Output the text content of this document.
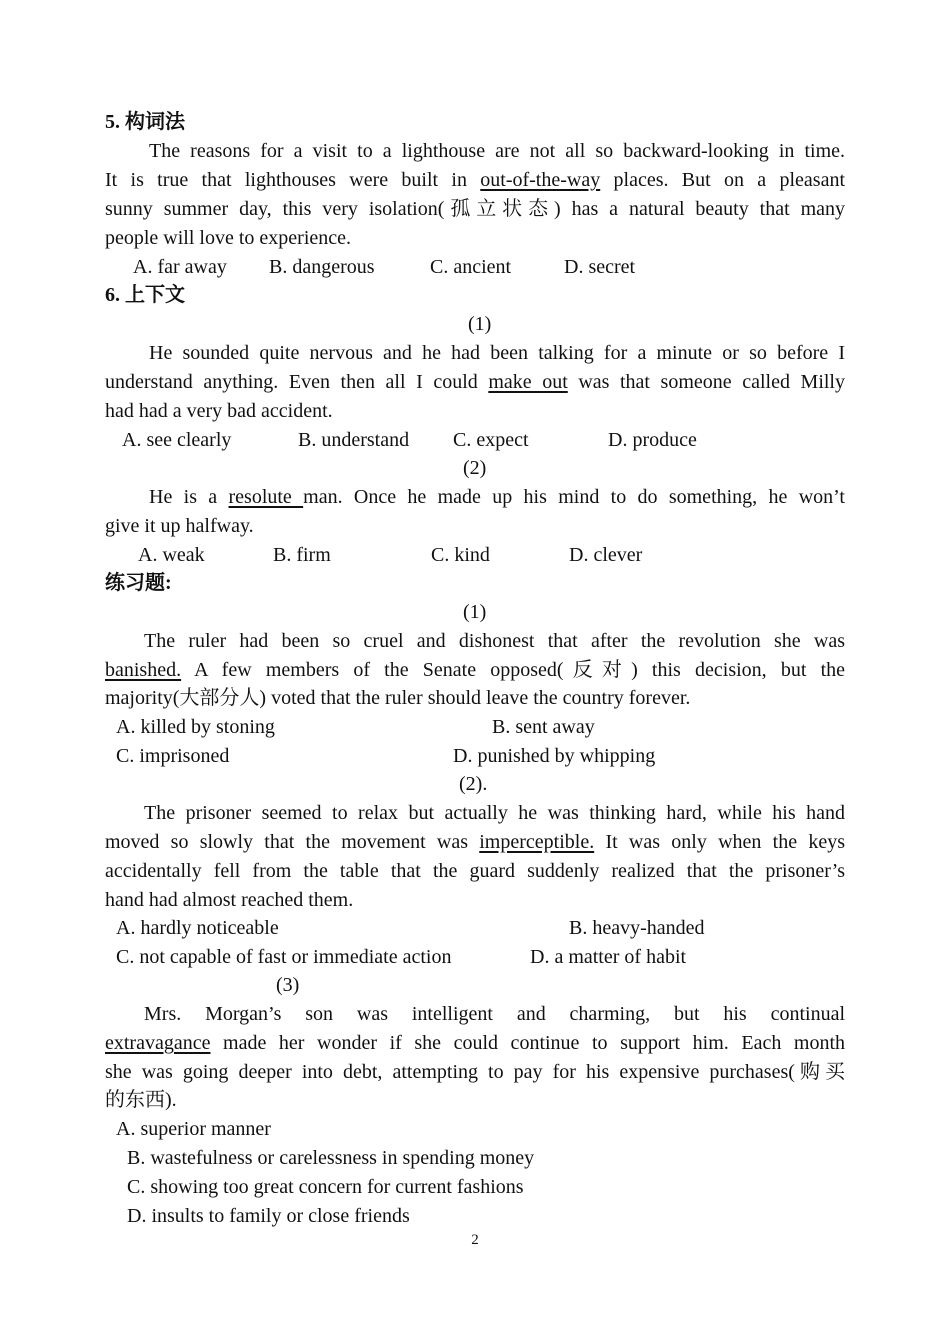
5. 构词法
The reasons for a visit to a lighthouse are not all so backward-looking in time.
It is true that lighthouses were built in out-of-the-way places. But on a pleasant
sunny summer day, this very isolation(孤立状态) has a natural beauty that many
people will love to experience.
A. far away B. dangerous	C. ancient	D. secret
6. 上下文
(1)
He sounded quite nervous and he had been talking for a minute or so before I
understand anything. Even then all I could make out was that someone called Milly
had had a very bad accident.
A. see clearly	B. understand C. expect	D. produce
(2)
He is a resolute man. Once he made up his mind to do something, he won’t
give it up halfway.
A. weak	B. firm	C. kind	D. clever
练习题:
(1)
The ruler had been so cruel and dishonest that after the revolution she was
banished. A few members of the Senate opposed(反对) this decision, but the
majority(大部分人) voted that the ruler should leave the country forever.
A. killed by stoning	B. sent away
C. imprisoned	D. punished by whipping
(2).
The prisoner seemed to relax but actually he was thinking hard, while his hand
moved so slowly that the movement was imperceptible. It was only when the keys
accidentally fell from the table that the guard suddenly realized that the prisoner’s
hand had almost reached them.
A. hardly noticeable	B. heavy-handed
C. not capable of fast or immediate action	D. a matter of habit
(3)
Mrs. Morgan’s son was intelligent and charming, but his continual
extravagance made her wonder if she could continue to support him. Each month
she was going deeper into debt, attempting to pay for his expensive purchases(购买
的东西).
A. superior manner
B. wastefulness or carelessness in spending money
C. showing too great concern for current fashions
D. insults to family or close friends
2
